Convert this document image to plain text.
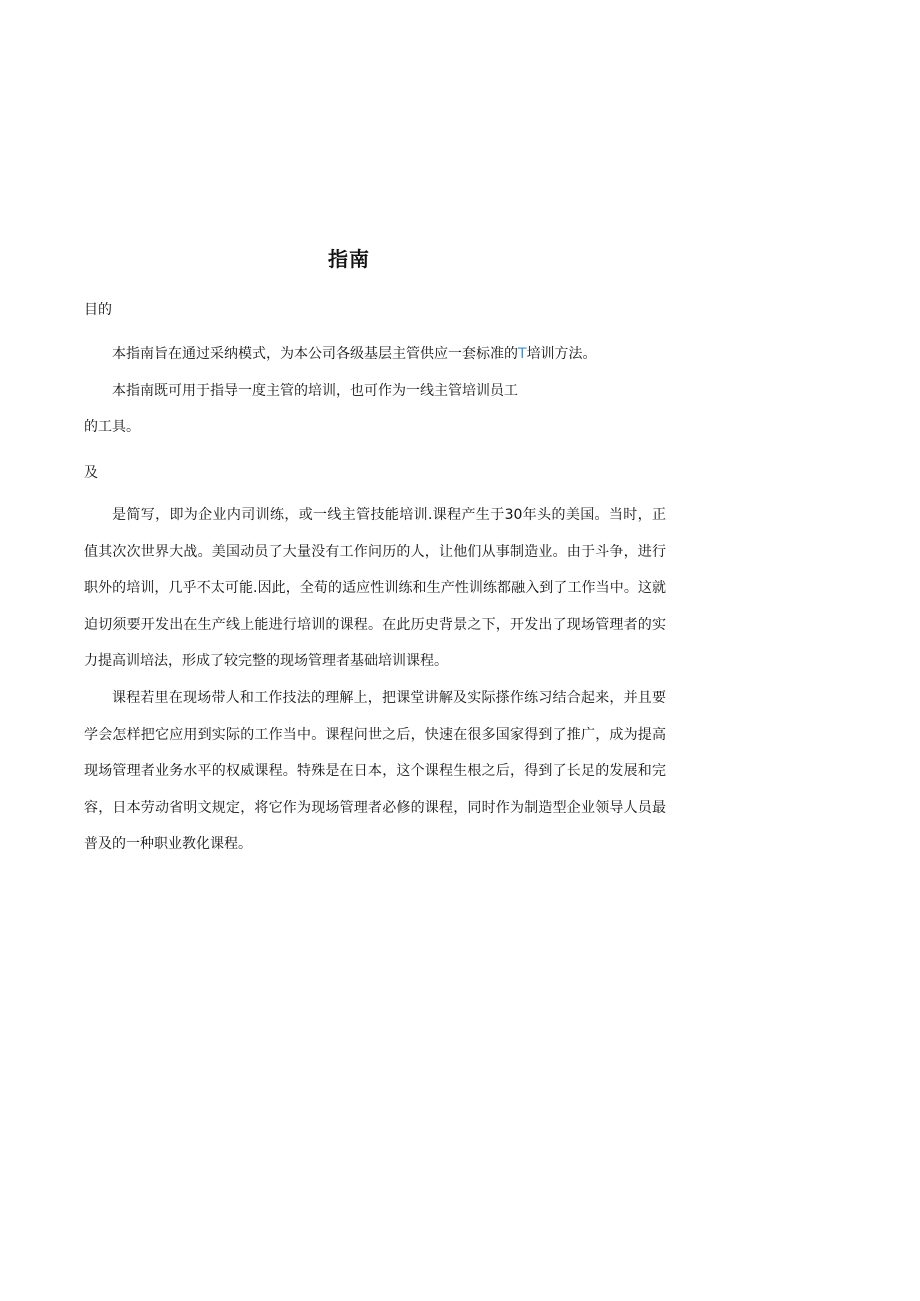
指南
目的
本指南旨在通过采纳模式，为本公司各级基层主管供应一套标准的T培训方法。
本指南既可用于指导一度主管的培训，也可作为一线主管培训员工
的工具。
及
是简写，即为企业内司训练，或一线主管技能培训.课程产生于30年头的美国。当时，正值其次次世界大战。美国动员了大量没有工作问历的人，让他们从事制造业。由于斗争，进行职外的培训，几乎不太可能.因此，全荀的适应性训练和生产性训练都融入到了工作当中。这就迫切须要开发出在生产线上能进行培训的课程。在此历史背景之下，开发出了现场管理者的实力提高训培法，形成了较完整的现场管理者基础培训课程。
课程若里在现场带人和工作技法的理解上，把课堂讲解及实际搽作练习结合起来，并且要学会怎样把它应用到实际的工作当中。课程问世之后，快速在很多国家得到了推广，成为提高现场管理者业务水平的权威课程。特殊是在日本，这个课程生根之后，得到了长足的发展和完容，日本劳动省明文规定，将它作为现场管理者必修的课程，同时作为制造型企业领导人员最普及的一种职业教化课程。
